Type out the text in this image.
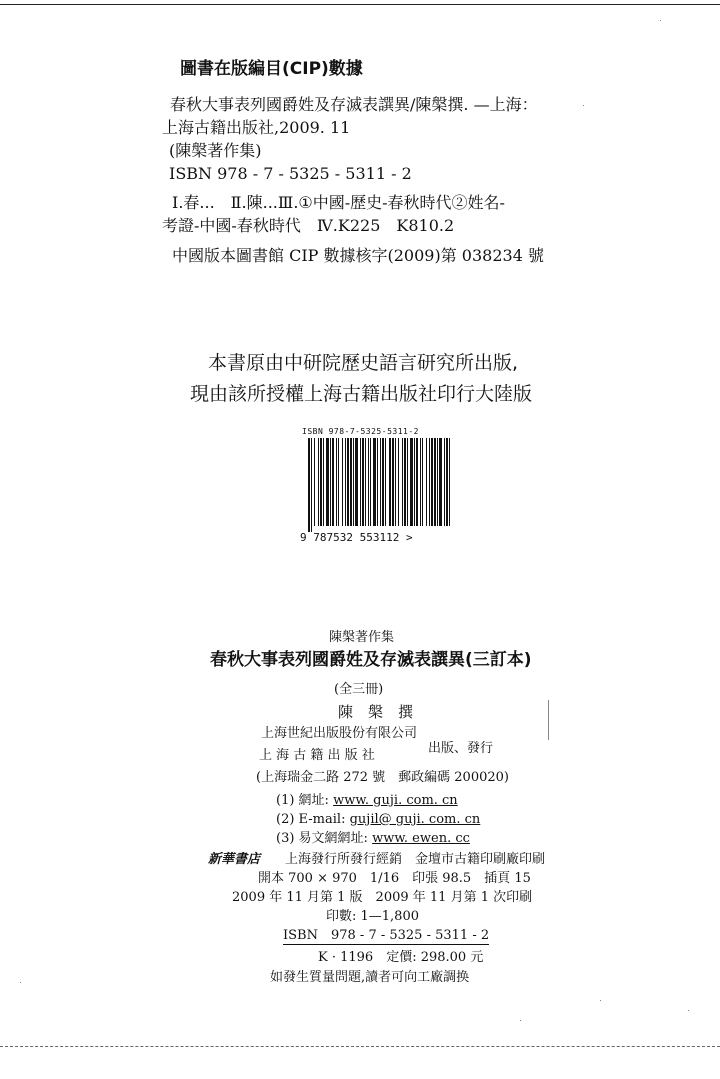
圖書在版編目(CIP)數據
春秋大事表列國爵姓及存滅表譔異/陳槃撰. —上海：
上海古籍出版社,2009. 11
(陳槃著作集)
ISBN 978 - 7 - 5325 - 5311 - 2
Ⅰ.春...　Ⅱ.陳...Ⅲ.①中國-歷史-春秋時代②姓名-
考證-中國-春秋時代　Ⅳ.K225　K810.2
中國版本圖書館 CIP 數據核字(2009)第 038234 號
本書原由中研院歷史語言研究所出版,
現由該所授權上海古籍出版社印行大陸版
ISBN 978-7-5325-5311-2
9 787532 553112 >
陳槃著作集
春秋大事表列國爵姓及存滅表譔異(三訂本)
(全三冊)
陳　槃　撰
上海世紀出版股份有限公司
上 海 古 籍 出 版 社	出版、發行
(上海瑞金二路 272 號　郵政編碼 200020)
(1) 網址: www. guji. com. cn
(2) E-mail: gujil@ guji. com. cn
(3) 易文網網址: www. ewen. cc
新華書店 上海發行所發行經銷　金壇市古籍印刷廠印刷
開本 700 × 970　1/16　印張 98.5　插頁 15
2009 年 11 月第 1 版　2009 年 11 月第 1 次印刷
印數: 1—1,800
ISBN　978 - 7 - 5325 - 5311 - 2
K · 1196　定價: 298.00 元
如發生質量問題,讀者可向工廠調换
